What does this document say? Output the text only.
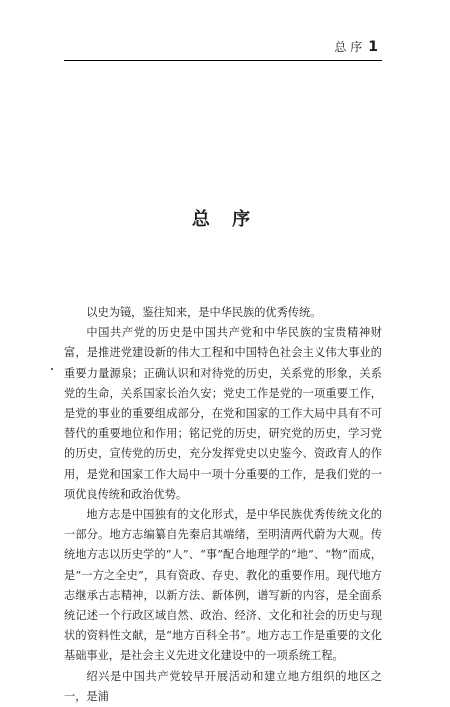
总 序 1
总 序

以史为镜，鉴往知来，是中华民族的优秀传统。

中国共产党的历史是中国共产党和中华民族的宝贵精神财富，是推进党建设新的伟大工程和中国特色社会主义伟大事业的重要力量源泉；正确认识和对待党的历史，关系党的形象，关系党的生命，关系国家长治久安；党史工作是党的一项重要工作，是党的事业的重要组成部分，在党和国家的工作大局中具有不可替代的重要地位和作用；铭记党的历史，研究党的历史，学习党的历史，宣传党的历史，充分发挥党史以史鉴今、资政育人的作用，是党和国家工作大局中一项十分重要的工作，是我们党的一项优良传统和政治优势。

地方志是中国独有的文化形式，是中华民族优秀传统文化的一部分。地方志编纂自先秦启其端绪，至明清两代蔚为大观。传统地方志以历史学的“人”、“事”配合地理学的“地”、“物”而成，是“一方之全史”，具有资政、存史、教化的重要作用。现代地方志继承古志精神，以新方法、新体例，谱写新的内容，是全面系统记述一个行政区域自然、政治、经济、文化和社会的历史与现状的资料性文献，是“地方百科全书”。地方志工作是重要的文化基础事业，是社会主义先进文化建设中的一项系统工程。

绍兴是中国共产党较早开展活动和建立地方组织的地区之一，是浦
